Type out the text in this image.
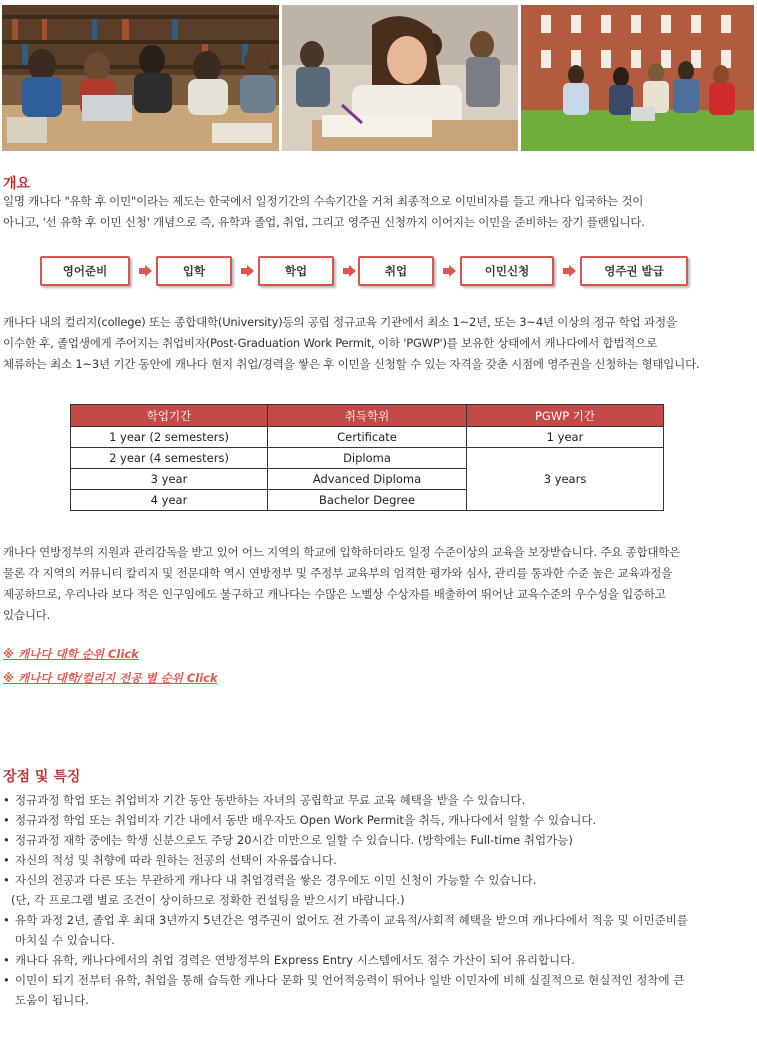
개요
일명 캐나다 "유학 후 이민"이라는 제도는 한국에서 일정기간의 수속기간을 거쳐 최종적으로 이민비자를 들고 캐나다 입국하는 것이
아니고, '선 유학 후 이민 신청' 개념으로 즉, 유학과 졸업, 취업, 그리고 영주권 신청까지 이어지는 이민을 준비하는 장기 플랜입니다.
영어준비	입학	학업	취업	이민신청	영주권 발급
캐나다 내의 컬리지(college) 또는 종합대학(University)등의 공립 정규교육 기관에서 최소 1~2년, 또는 3~4년 이상의 정규 학업 과정을
이수한 후, 졸업생에게 주어지는 취업비자(Post-Graduation Work Permit, 이하 'PGWP')를 보유한 상태에서 캐나다에서 합법적으로
체류하는 최소 1~3년 기간 동안에 캐나다 현지 취업/경력을 쌓은 후 이민을 신청할 수 있는 자격을 갖춘 시점에 영주권을 신청하는 형태입니다.
학업기간	취득학위	PGWP 기간
1 year (2 semesters)	Certificate	1 year
2 year (4 semesters)	Diploma	3 years
3 year	Advanced Diploma	
4 year	Bachelor Degree	
캐나다 연방정부의 지원과 관리감독을 받고 있어 어느 지역의 학교에 입학하더라도 일정 수준이상의 교육을 보장받습니다. 주요 종합대학은
물론 각 지역의 커뮤니티 칼리지 및 전문대학 역시 연방정부 및 주정부 교육부의 엄격한 평가와 심사, 관리를 통과한 수준 높은 교육과정을
제공하므로, 우리나라 보다 적은 인구임에도 불구하고 캐나다는 수많은 노벨상 수상자를 배출하여 뛰어난 교육수준의 우수성을 입증하고
있습니다.
※ 캐나다 대학 순위 Click
※ 캐나다 대학/컬리지 전공 별 순위 Click
장점 및 특징
• 정규과정 학업 또는 취업비자 기간 동안 동반하는 자녀의 공립학교 무료 교육 혜택을 받을 수 있습니다.
• 정규과정 학업 또는 취업비자 기간 내에서 동반 배우자도 Open Work Permit을 취득, 캐나다에서 일할 수 있습니다.
• 정규과정 재학 중에는 학생 신분으로도 주당 20시간 미만으로 일할 수 있습니다. (방학에는 Full-time 취업가능)
• 자신의 적성 및 취향에 따라 원하는 전공의 선택이 자유롭습니다.
• 자신의 전공과 다른 또는 무관하게 캐나다 내 취업경력을 쌓은 경우에도 이민 신청이 가능할 수 있습니다.
(단, 각 프로그램 별로 조건이 상이하므로 정확한 컨설팅을 받으시기 바랍니다.)
• 유학 과정 2년, 졸업 후 최대 3년까지 5년간은 영주권이 없어도 전 가족이 교육적/사회적 혜택을 받으며 캐나다에서 적응 및 이민준비를
마치실 수 있습니다.
• 캐나다 유학, 캐나다에서의 취업 경력은 연방정부의 Express Entry 시스템에서도 점수 가산이 되어 유리합니다.
• 이민이 되기 전부터 유학, 취업을 통해 습득한 캐나다 문화 및 언어적응력이 뛰어나 일반 이민자에 비해 실질적으로 현실적인 정착에 큰
도움이 됩니다.
